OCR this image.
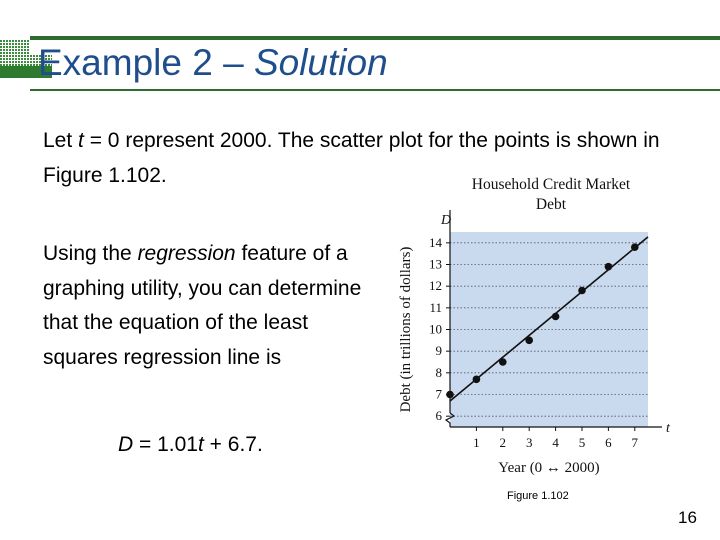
Example 2 – Solution
Let t = 0 represent 2000. The scatter plot for the points is shown in Figure 1.102.
Using the regression feature of a graphing utility, you can determine that the equation of the least squares regression line is
D = 1.01t + 6.7.
Household Credit Market Debt
6
7
8
9
10
11
12
13
14
1 2 3 4 5 6 7
D
t
Year (0 ↔ 2000)
Debt (in trillions of dollars)
Figure 1.102
16
